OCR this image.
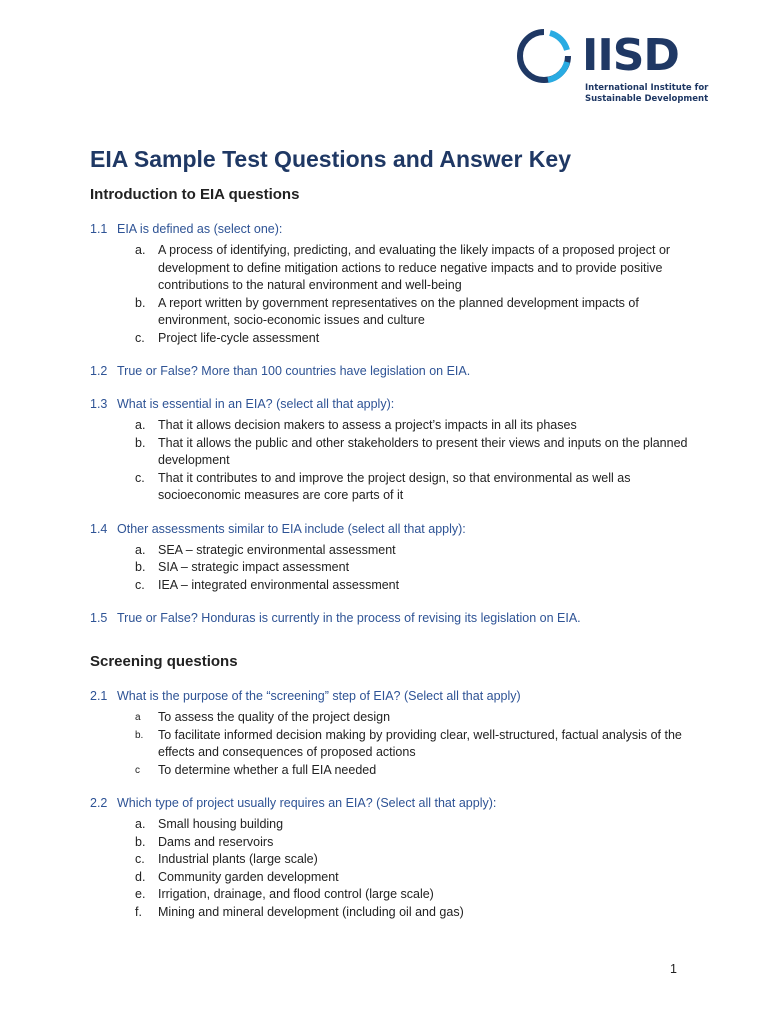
IISD
International Institute for
Sustainable Development
EIA Sample Test Questions and Answer Key
Introduction to EIA questions

1.1 EIA is defined as (select one):

a.	A process of identifying, predicting, and evaluating the likely impacts of a proposed project or development to define mitigation actions to reduce negative impacts and to provide positive contributions to the natural environment and well-being
b.	A report written by government representatives on the planned development impacts of environment, socio-economic issues and culture
c.	Project life-cycle assessment

1.2 True or False? More than 100 countries have legislation on EIA.

1.3 What is essential in an EIA? (select all that apply):

a.	That it allows decision makers to assess a project’s impacts in all its phases
b.	That it allows the public and other stakeholders to present their views and inputs on the planned development
c.	That it contributes to and improve the project design, so that environmental as well as socioeconomic measures are core parts of it

1.4 Other assessments similar to EIA include (select all that apply):

a.	SEA – strategic environmental assessment
b.	SIA – strategic impact assessment
c.	IEA – integrated environmental assessment

1.5 True or False? Honduras is currently in the process of revising its legislation on EIA.

Screening questions

2.1 What is the purpose of the “screening” step of EIA? (Select all that apply)

a	To assess the quality of the project design
b.	To facilitate informed decision making by providing clear, well-structured, factual analysis of the effects and consequences of proposed actions
c	To determine whether a full EIA needed

2.2 Which type of project usually requires an EIA? (Select all that apply):

a.	Small housing building
b.	Dams and reservoirs
c.	Industrial plants (large scale)
d.	Community garden development
e.	Irrigation, drainage, and flood control (large scale)
f.	Mining and mineral development (including oil and gas)
1
